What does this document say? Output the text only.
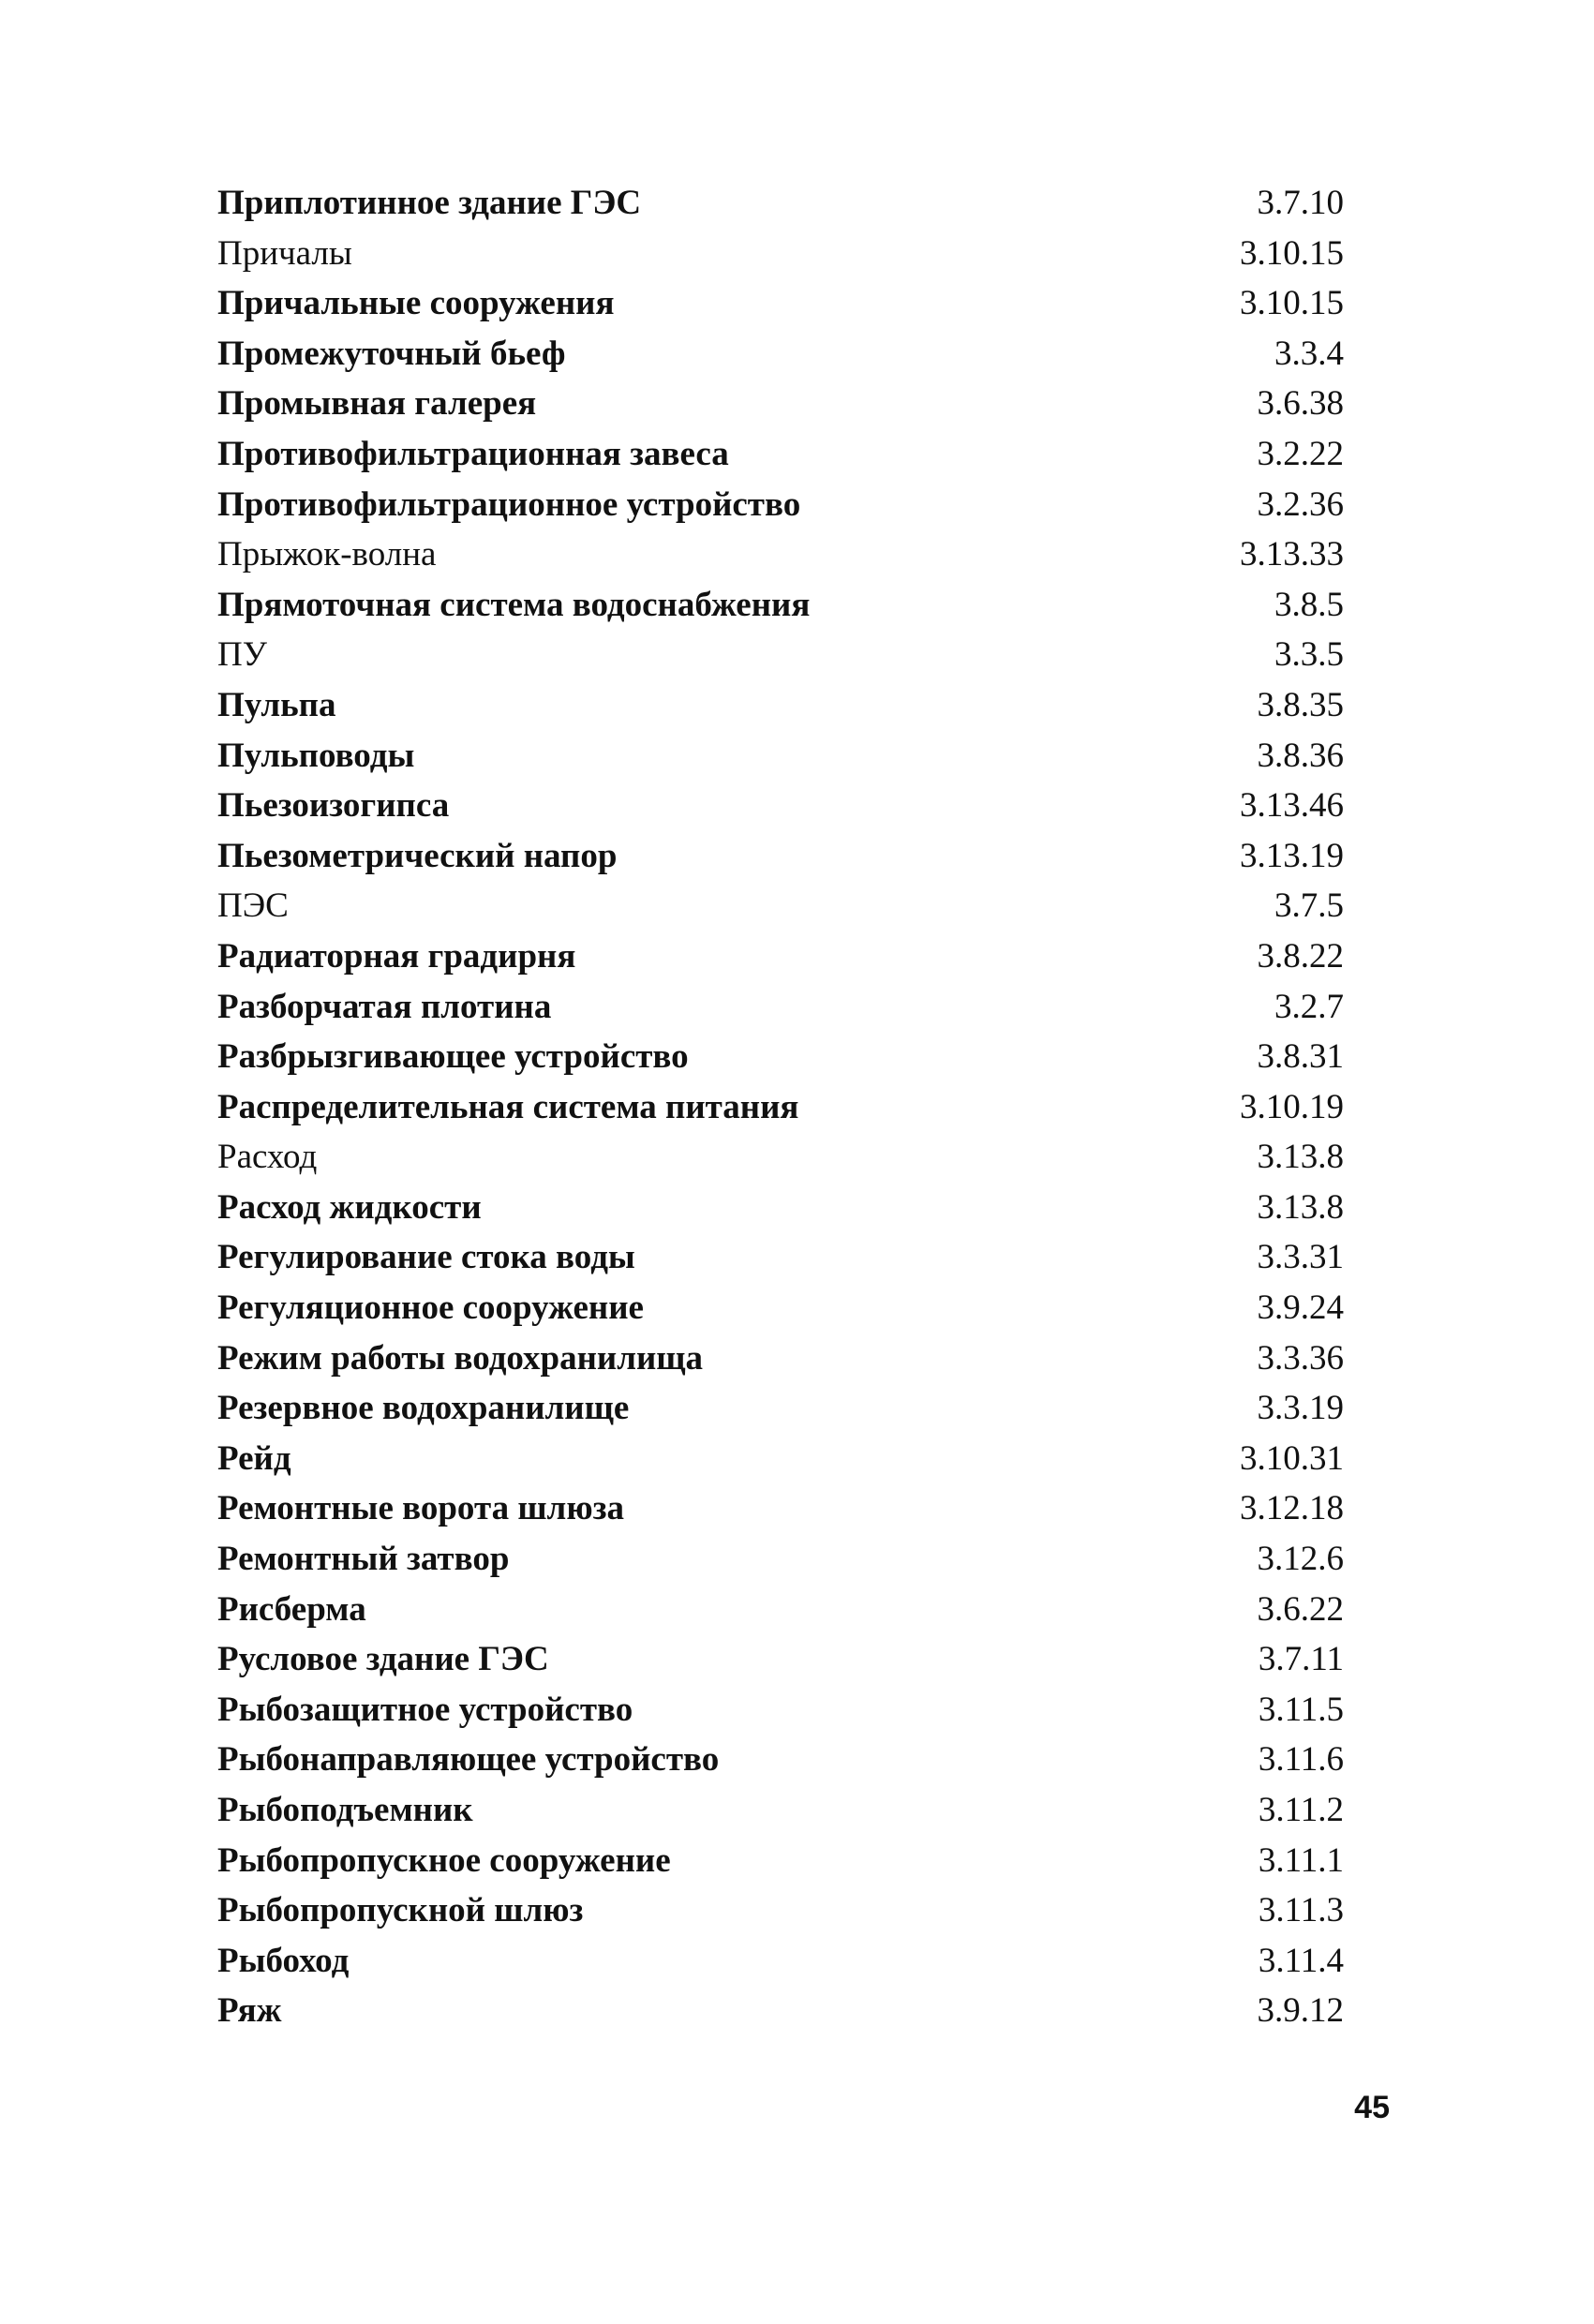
Приплотинное здание ГЭС	3.7.10
Причалы	3.10.15
Причальные сооружения	3.10.15
Промежуточный бьеф	3.3.4
Промывная галерея	3.6.38
Противофильтрационная завеса	3.2.22
Противофильтрационное устройство	3.2.36
Прыжок-волна	3.13.33
Прямоточная система водоснабжения	3.8.5
ПУ	3.3.5
Пульпа	3.8.35
Пульповоды	3.8.36
Пьезоизогипса	3.13.46
Пьезометрический напор	3.13.19
ПЭС	3.7.5
Радиаторная градирня	3.8.22
Разборчатая плотина	3.2.7
Разбрызгивающее устройство	3.8.31
Распределительная система питания	3.10.19
Расход	3.13.8
Расход жидкости	3.13.8
Регулирование стока воды	3.3.31
Регуляционное сооружение	3.9.24
Режим работы водохранилища	3.3.36
Резервное водохранилище	3.3.19
Рейд	3.10.31
Ремонтные ворота шлюза	3.12.18
Ремонтный затвор	3.12.6
Рисберма	3.6.22
Русловое здание ГЭС	3.7.11
Рыбозащитное устройство	3.11.5
Рыбонаправляющее устройство	3.11.6
Рыбоподъемник	3.11.2
Рыбопропускное сооружение	3.11.1
Рыбопропускной шлюз	3.11.3
Рыбоход	3.11.4
Ряж	3.9.12
45
